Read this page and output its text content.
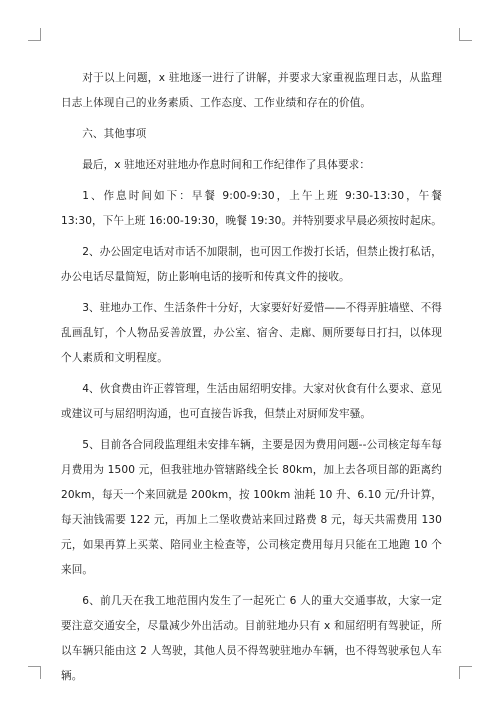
对于以上问题，x 驻地逐一进行了讲解，并要求大家重视监理日志，从监理日志上体现自己的业务素质、工作态度、工作业绩和存在的价值。

六、其他事项

最后，x 驻地还对驻地办作息时间和工作纪律作了具体要求：

1、作息时间如下：早餐 9:00-9:30，上午上班 9:30-13:30，午餐 13:30，下午上班 16:00-19:30，晚餐 19:30。并特别要求早晨必须按时起床。

2、办公固定电话对市话不加限制，也可因工作拨打长话，但禁止拨打私话，办公电话尽量简短，防止影响电话的接听和传真文件的接收。

3、驻地办工作、生活条件十分好，大家要好好爱惜——不得弄脏墙壁、不得乱画乱钉，个人物品妥善放置，办公室、宿舍、走廊、厕所要每日打扫，以体现个人素质和文明程度。

4、伙食费由许正蓉管理，生活由屈绍明安排。大家对伙食有什么要求、意见或建议可与屈绍明沟通，也可直接告诉我，但禁止对厨师发牢骚。

5、目前各合同段监理组未安排车辆，主要是因为费用问题--公司核定每车每月费用为 1500 元，但我驻地办管辖路线全长 80km，加上去各项目部的距离约 20km，每天一个来回就是 200km，按 100km 油耗 10 升、6.10 元/升计算，每天油钱需要 122 元，再加上二堡收费站来回过路费 8 元，每天共需费用 130 元，如果再算上买菜、陪同业主检查等，公司核定费用每月只能在工地跑 10 个来回。

6、前几天在我工地范围内发生了一起死亡 6 人的重大交通事故，大家一定要注意交通安全，尽量减少外出活动。目前驻地办只有 x 和屈绍明有驾驶证，所以车辆只能由这 2 人驾驶，其他人员不得驾驶驻地办车辆，也不得驾驶承包人车辆。
